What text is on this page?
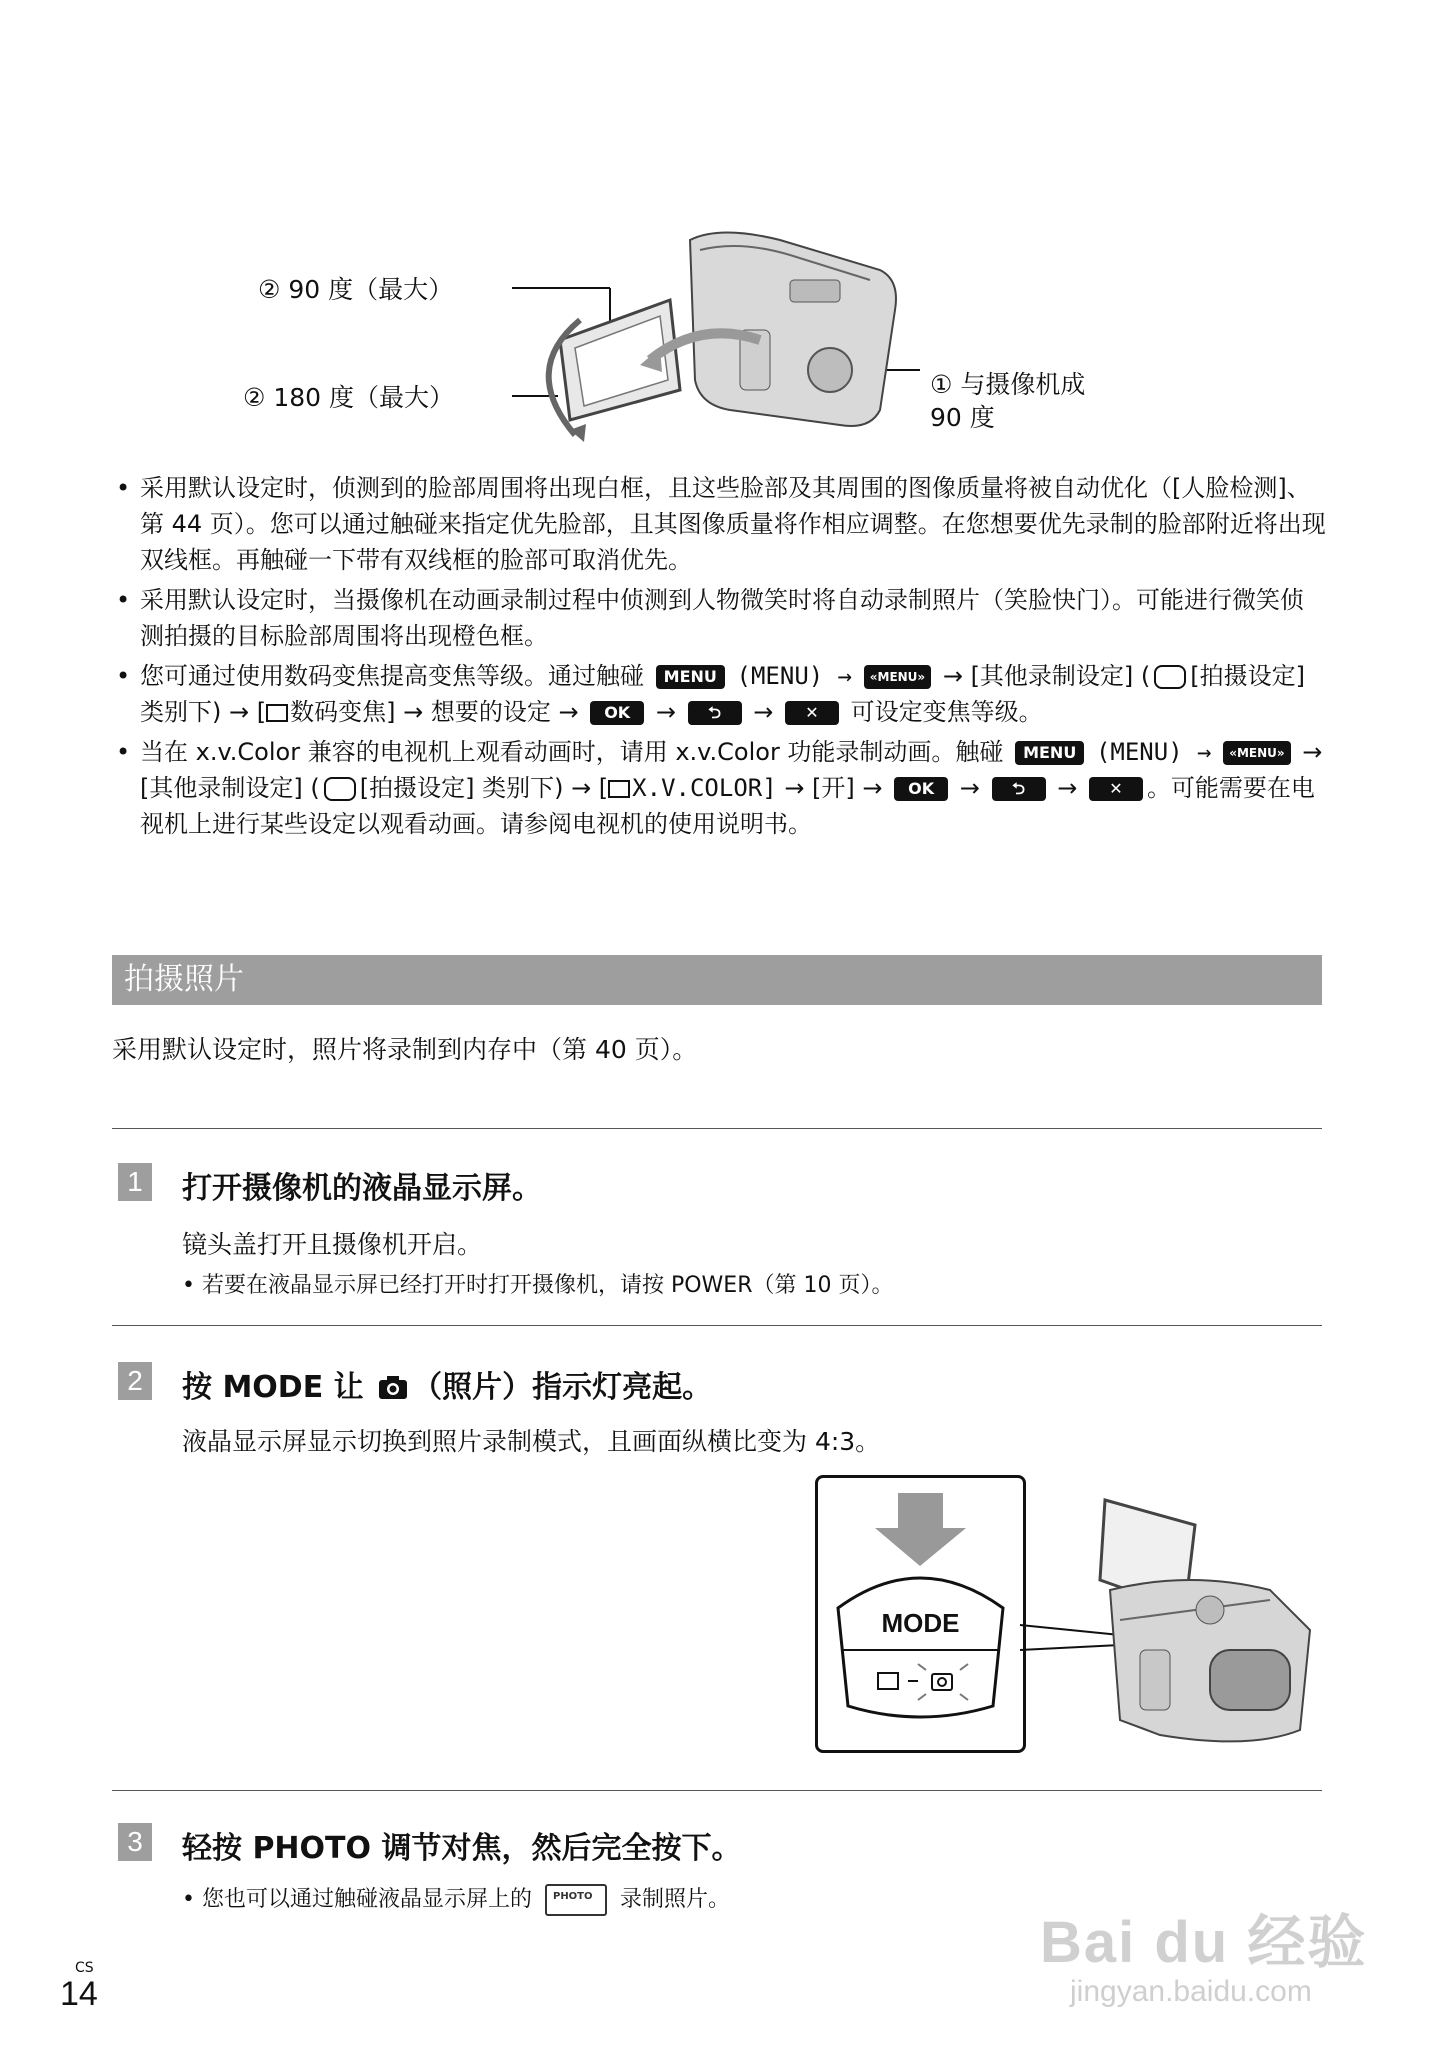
② 90 度（最大）
② 180 度（最大）	① 与摄像机成
90 度
• 采用默认设定时，侦测到的脸部周围将出现白框，且这些脸部及其周围的图像质量将被自动优化（[人脸检测]、第 44 页）。您可以通过触碰来指定优先脸部，且其图像质量将作相应调整。在您想要优先录制的脸部附近将出现双线框。再触碰一下带有双线框的脸部可取消优先。
• 采用默认设定时，当摄像机在动画录制过程中侦测到人物微笑时将自动录制照片（笑脸快门）。可能进行微笑侦测拍摄的目标脸部周围将出现橙色框。
• 您可通过使用数码变焦提高变焦等级。通过触碰 MENU (MENU) → «MENU» → [其他录制设定] ( [拍摄设定] 类别下) → [ 数码变焦] → 想要的设定 → OK → ⮌ → ✕ 可设定变焦等级。
• 当在 x.v.Color 兼容的电视机上观看动画时，请用 x.v.Color 功能录制动画。触碰 MENU (MENU) → «MENU» → [其他录制设定] ( [拍摄设定] 类别下) → [ X.V.COLOR] → [开] → OK → ⮌ → ✕ 。可能需要在电视机上进行某些设定以观看动画。请参阅电视机的使用说明书。
拍摄照片
采用默认设定时，照片将录制到内存中（第 40 页）。
1	打开摄像机的液晶显示屏。
镜头盖打开且摄像机开启。
• 若要在液晶显示屏已经打开时打开摄像机，请按 POWER（第 10 页）。
2	按 MODE 让 （照片）指示灯亮起。
液晶显示屏显示切换到照片录制模式，且画面纵横比变为 4:3。
MODE
3	轻按 PHOTO 调节对焦，然后完全按下。
• 您也可以通过触碰液晶显示屏上的 PHOTO 录制照片。
CS
14
Bai du 经验
jingyan.baidu.com
